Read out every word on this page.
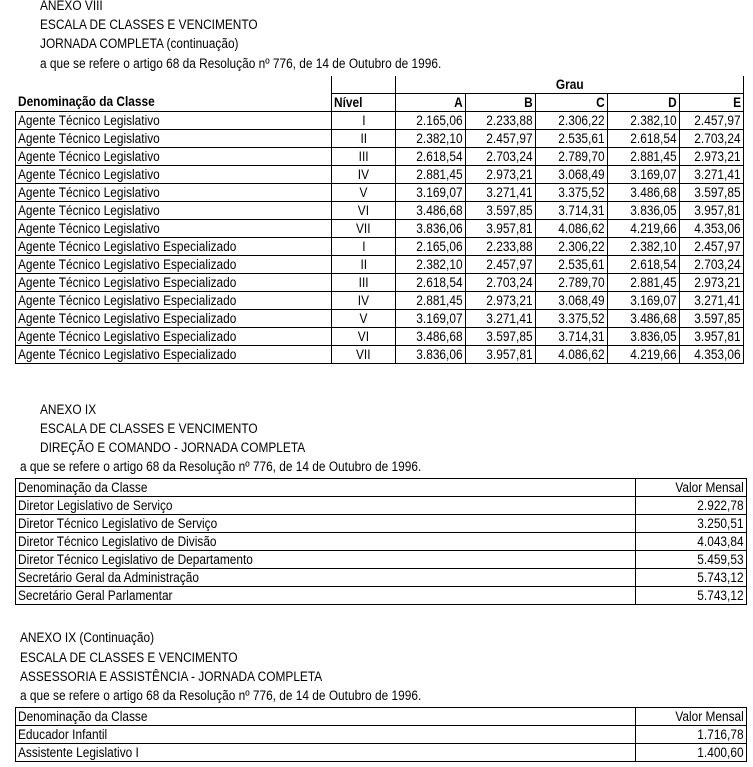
ANEXO VIII
ESCALA DE CLASSES E VENCIMENTO
JORNADA COMPLETA (continuação)
a que se refere o artigo 68 da Resolução nº 776, de 14 de Outubro de 1996.
		Grau				
Denominação da Classe	Nível	A	B	C	D	E
Agente Técnico Legislativo	I	2.165,06	2.233,88	2.306,22	2.382,10	2.457,97
Agente Técnico Legislativo	II	2.382,10	2.457,97	2.535,61	2.618,54	2.703,24
Agente Técnico Legislativo	III	2.618,54	2.703,24	2.789,70	2.881,45	2.973,21
Agente Técnico Legislativo	IV	2.881,45	2.973,21	3.068,49	3.169,07	3.271,41
Agente Técnico Legislativo	V	3.169,07	3.271,41	3.375,52	3.486,68	3.597,85
Agente Técnico Legislativo	VI	3.486,68	3.597,85	3.714,31	3.836,05	3.957,81
Agente Técnico Legislativo	VII	3.836,06	3.957,81	4.086,62	4.219,66	4.353,06
Agente Técnico Legislativo Especializado	I	2.165,06	2.233,88	2.306,22	2.382,10	2.457,97
Agente Técnico Legislativo Especializado	II	2.382,10	2.457,97	2.535,61	2.618,54	2.703,24
Agente Técnico Legislativo Especializado	III	2.618,54	2.703,24	2.789,70	2.881,45	2.973,21
Agente Técnico Legislativo Especializado	IV	2.881,45	2.973,21	3.068,49	3.169,07	3.271,41
Agente Técnico Legislativo Especializado	V	3.169,07	3.271,41	3.375,52	3.486,68	3.597,85
Agente Técnico Legislativo Especializado	VI	3.486,68	3.597,85	3.714,31	3.836,05	3.957,81
Agente Técnico Legislativo Especializado	VII	3.836,06	3.957,81	4.086,62	4.219,66	4.353,06
ANEXO IX
ESCALA DE CLASSES E VENCIMENTO
DIREÇÃO E COMANDO - JORNADA COMPLETA
a que se refere o artigo 68 da Resolução nº 776, de 14 de Outubro de 1996.
Denominação da Classe	Valor Mensal
Diretor Legislativo de Serviço	2.922,78
Diretor Técnico Legislativo de Serviço	3.250,51
Diretor Técnico Legislativo de Divisão	4.043,84
Diretor Técnico Legislativo de Departamento	5.459,53
Secretário Geral da Administração	5.743,12
Secretário Geral Parlamentar	5.743,12
ANEXO IX (Continuação)
ESCALA DE CLASSES E VENCIMENTO
ASSESSORIA E ASSISTÊNCIA - JORNADA COMPLETA
a que se refere o artigo 68 da Resolução nº 776, de 14 de Outubro de 1996.
Denominação da Classe	Valor Mensal
Educador Infantil	1.716,78
Assistente Legislativo I	1.400,60
